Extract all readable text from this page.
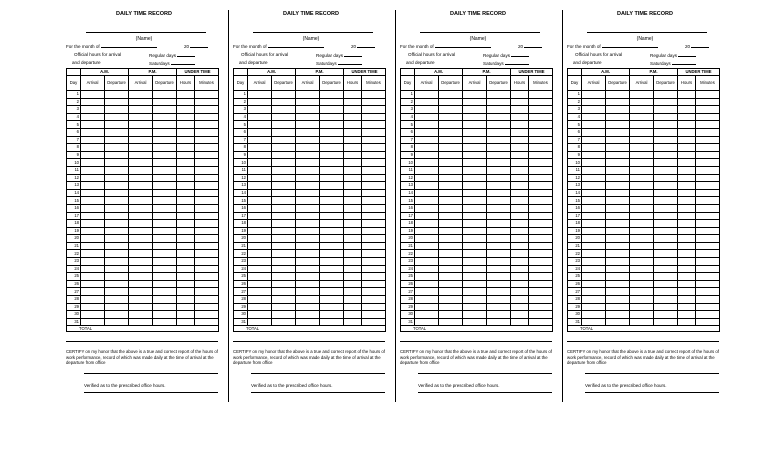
DAILY TIME RECORD
(Name)
For the month of	20
Official hours for arrival	Regular days
and departure	Saturdays
	A.M.		P.M.		UNDER TIME	
Day	Arrival	Departure	Arrival	Departure	Hours	Minutes
1						
2						
3						
4						
5						
6						
7						
8						
9						
10						
11						
12						
13						
14						
15						
16						
17						
18						
19						
20						
21						
22						
23						
24						
25						
26						
27						
28						
29						
30						
31						
TOTAL						
CERTIFY on my honor that the above is a true and correct report of the hours of work performance, record of which was made daily at the time of arrival at the departure from office
Verified as to the prescribed office hours.
DAILY TIME RECORD
(Name)
For the month of	20
Official hours for arrival	Regular days
and departure	Saturdays
	A.M.		P.M.		UNDER TIME	
Day	Arrival	Departure	Arrival	Departure	Hours	Minutes
1						
2						
3						
4						
5						
6						
7						
8						
9						
10						
11						
12						
13						
14						
15						
16						
17						
18						
19						
20						
21						
22						
23						
24						
25						
26						
27						
28						
29						
30						
31						
TOTAL						
CERTIFY on my honor that the above is a true and correct report of the hours of work performance, record of which was made daily at the time of arrival at the departure from office
Verified as to the prescribed office hours.
DAILY TIME RECORD
(Name)
For the month of	20
Official hours for arrival	Regular days
and departure	Saturdays
	A.M.		P.M.		UNDER TIME	
Day	Arrival	Departure	Arrival	Departure	Hours	Minutes
1						
2						
3						
4						
5						
6						
7						
8						
9						
10						
11						
12						
13						
14						
15						
16						
17						
18						
19						
20						
21						
22						
23						
24						
25						
26						
27						
28						
29						
30						
31						
TOTAL						
CERTIFY on my honor that the above is a true and correct report of the hours of work performance, record of which was made daily at the time of arrival at the departure from office
Verified as to the prescribed office hours.
DAILY TIME RECORD
(Name)
For the month of	20
Official hours for arrival	Regular days
and departure	Saturdays
	A.M.		P.M.		UNDER TIME	
Day	Arrival	Departure	Arrival	Departure	Hours	Minutes
1						
2						
3						
4						
5						
6						
7						
8						
9						
10						
11						
12						
13						
14						
15						
16						
17						
18						
19						
20						
21						
22						
23						
24						
25						
26						
27						
28						
29						
30						
31						
TOTAL						
CERTIFY on my honor that the above is a true and correct report of the hours of work performance, record of which was made daily at the time of arrival at the departure from office
Verified as to the prescribed office hours.
